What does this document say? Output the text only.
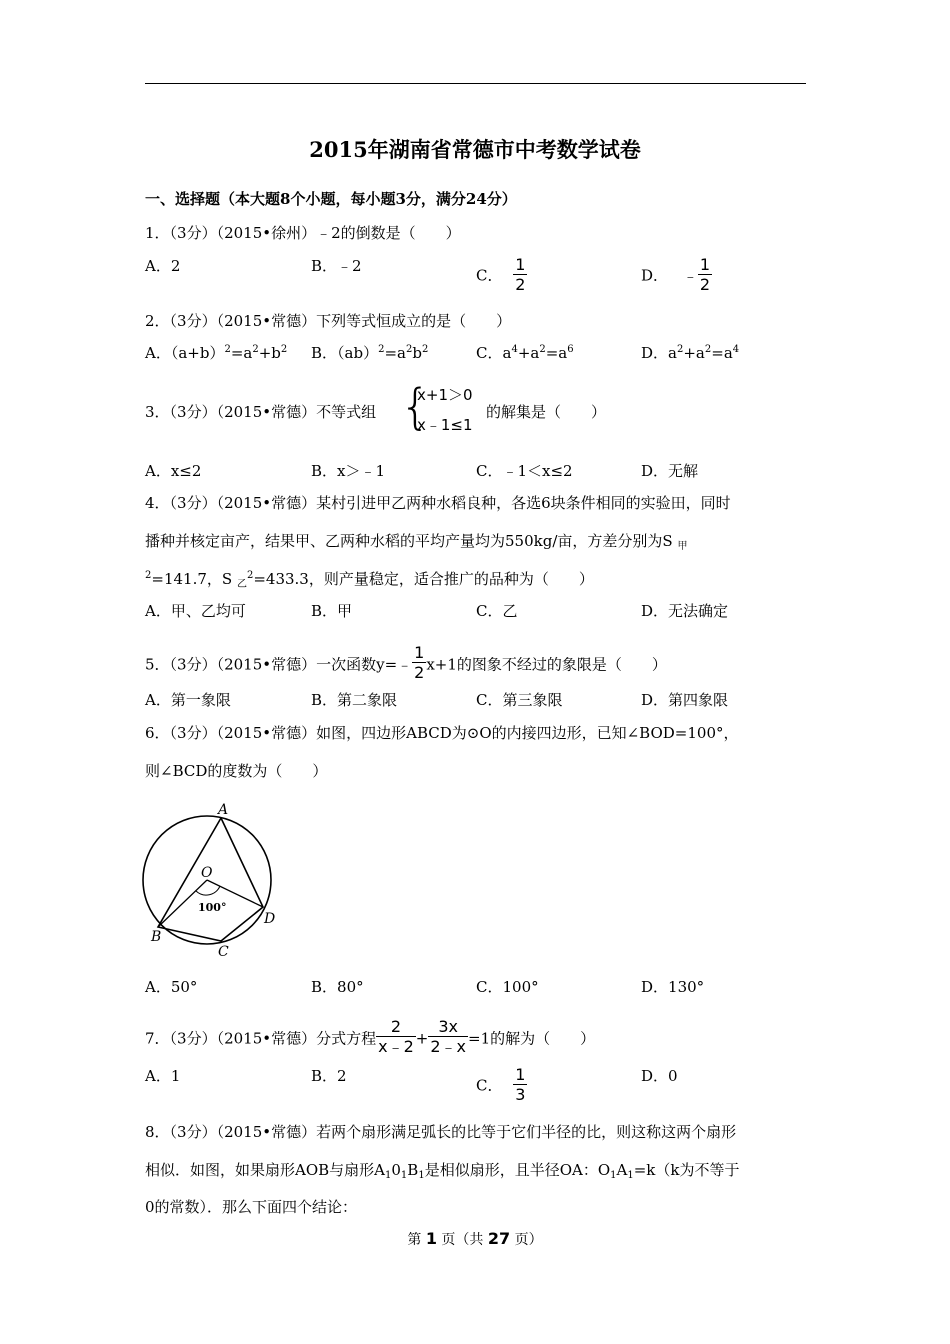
2015年湖南省常德市中考数学试卷
一、选择题（本大题8个小题，每小题3分，满分24分）
1．（3分）（2015•徐州）﹣2的倒数是（　　）
A．2	B．﹣2
C． $\frac{1}{2}$	D． ﹣ $\frac{1}{2}$
2．（3分）（2015•常德）下列等式恒成立的是（　　）
A．$(a+b)^2=a^2+b^2$ B．$(ab)^2=a^2b^2$	C．$a^4+a^2=a^6$	D．$a^2+a^2=a^4$
3．（3分）（2015•常德）不等式组 {
x+1＞0
x﹣1≤1
的解集是（　　）
A．x≤2	B．x＞﹣1	C．﹣1＜x≤2	D．无解
4．（3分）（2015•常德）某村引进甲乙两种水稻良种，各选6块条件相同的实验田，同时
播种并核定亩产，结果甲、乙两种水稻的平均产量均为550kg/亩，方差分别为S $_甲$
$^2$=141.7，S $_乙^2$=433.3，则产量稳定，适合推广的品种为（　　）
A．甲、乙均可	B．甲	C．乙	D．无法确定
5．（3分）（2015•常德）一次函数y=﹣ $\frac{1}{2} x+1$的图象不经过的象限是（　　）
A．第一象限	B．第二象限	C．第三象限	D．第四象限
6．（3分）（2015•常德）如图，四边形ABCD为⊙O的内接四边形，已知∠BOD=100°，
则∠BCD的度数为（　　）
A
O
100°
D
B
C
A．50°	B．80°	C．100°	D．130°
7．（3分）（2015•常德）分式方程 $\frac{2}{x﹣2} + \frac{3x}{2﹣x} =1$的解为（　　）
A．1	B．2
C． $\frac{1}{3}$	D．0
8．（3分）（2015•常德）若两个扇形满足弧长的比等于它们半径的比，则这称这两个扇形
相似．如图，如果扇形AOB与扇形$A_10_1B_1$是相似扇形，且半径OA：$O_1A_1=k(k$为不等于
0的常数）．那么下面四个结论：
第 1 页（共 27 页）
